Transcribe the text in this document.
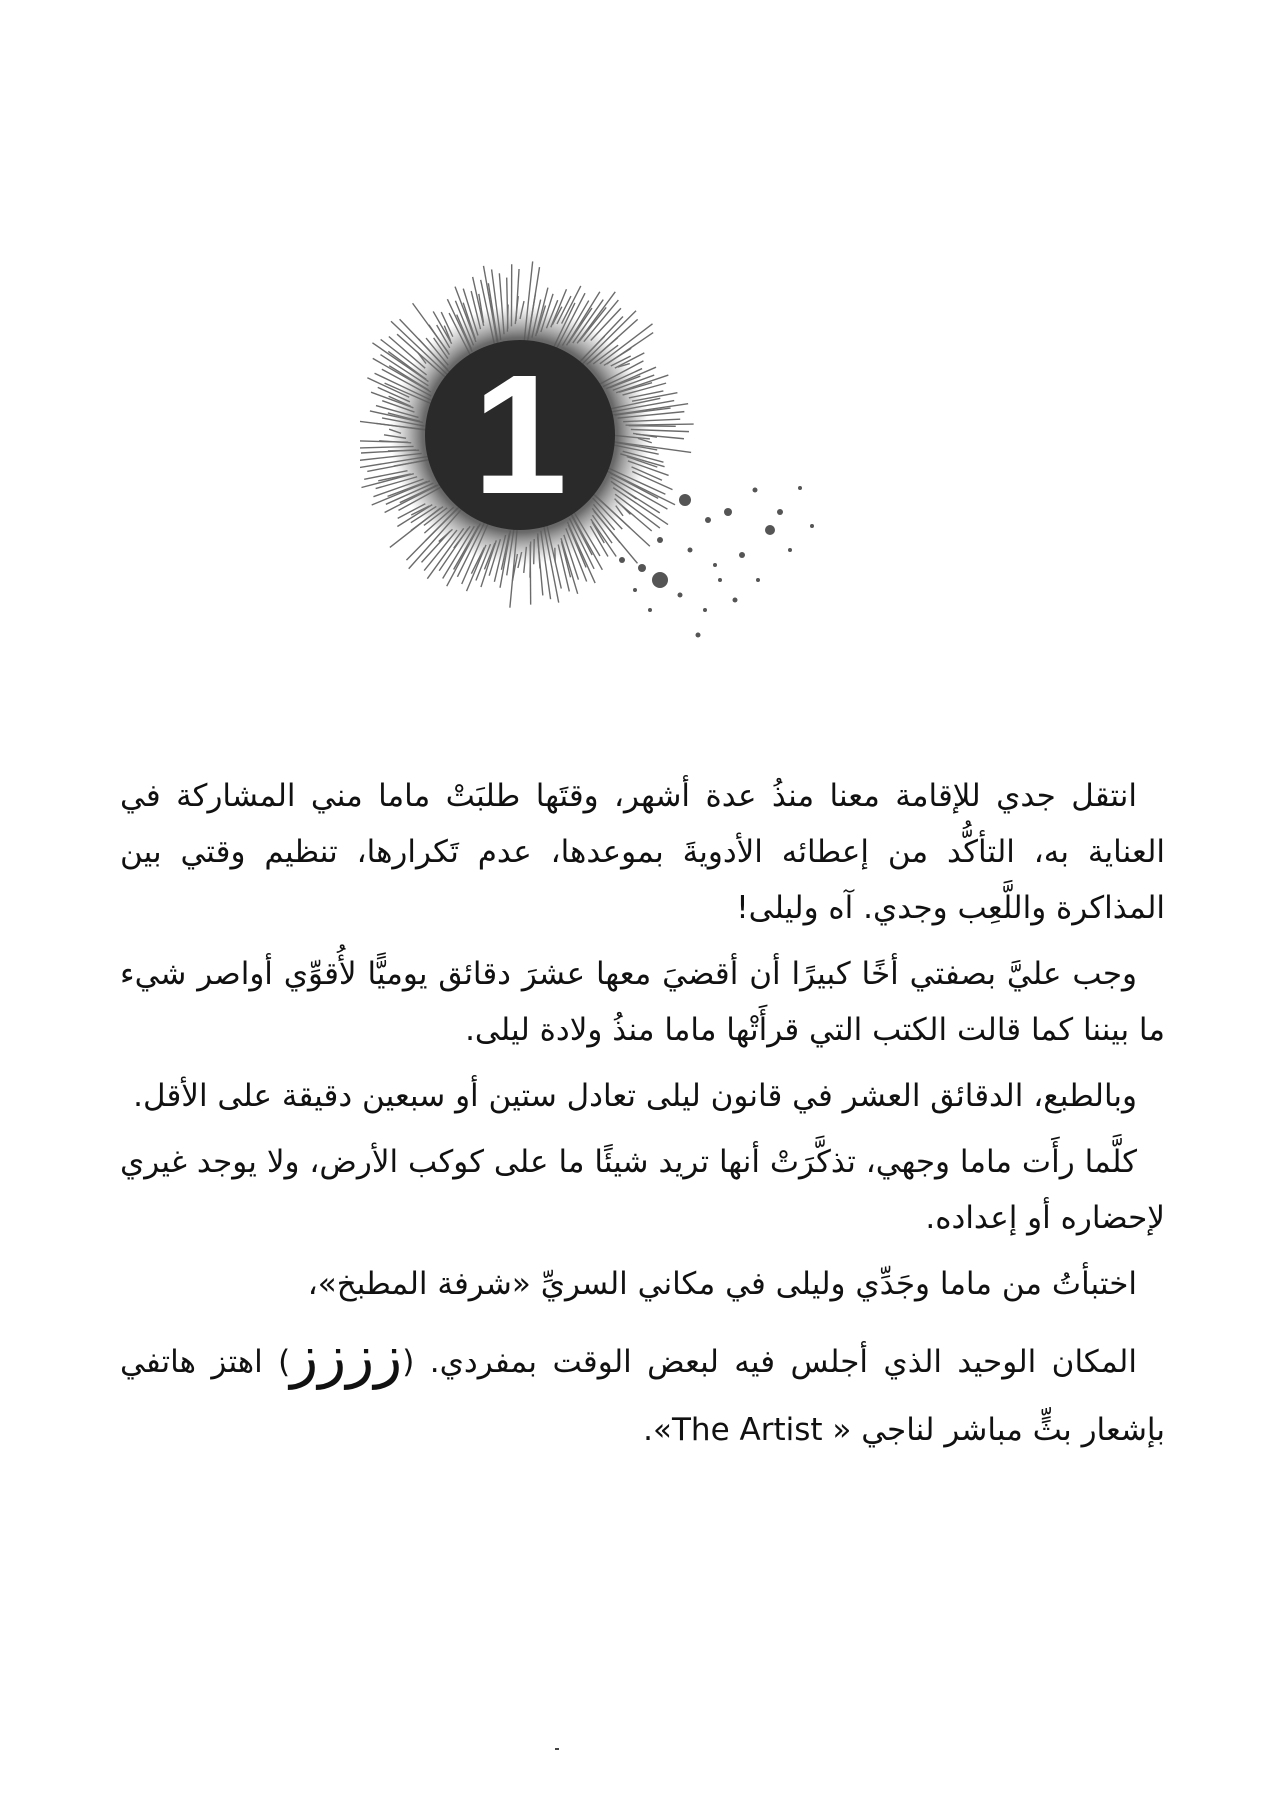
1

انتقل جدي للإقامة معنا منذُ عدة أشهر، وقتَها طلبَتْ ماما مني المشاركة في العناية به، التأكُّد من إعطائه الأدويةَ بموعدها، عدم تَكرارها، تنظيم وقتي بين المذاكرة واللَّعِب وجدي. آه وليلى!

وجب عليَّ بصفتي أخًا كبيرًا أن أقضيَ معها عشرَ دقائق يوميًّا لأُقوِّي أواصر شيء ما بيننا كما قالت الكتب التي قرأَتْها ماما منذُ ولادة ليلى.

وبالطبع، الدقائق العشر في قانون ليلى تعادل ستين أو سبعين دقيقة على الأقل.

كلَّما رأَت ماما وجهي، تذكَّرَتْ أنها تريد شيئًا ما على كوكب الأرض، ولا يوجد غيري لإحضاره أو إعداده.

اختبأتُ من ماما وجَدِّي وليلى في مكاني السريِّ «شرفة المطبخ»،

المكان الوحيد الذي أجلس فيه لبعض الوقت بمفردي. (زززز) اهتز هاتفي بإشعار بثٍّ مباشر لناجي « The Artist».
